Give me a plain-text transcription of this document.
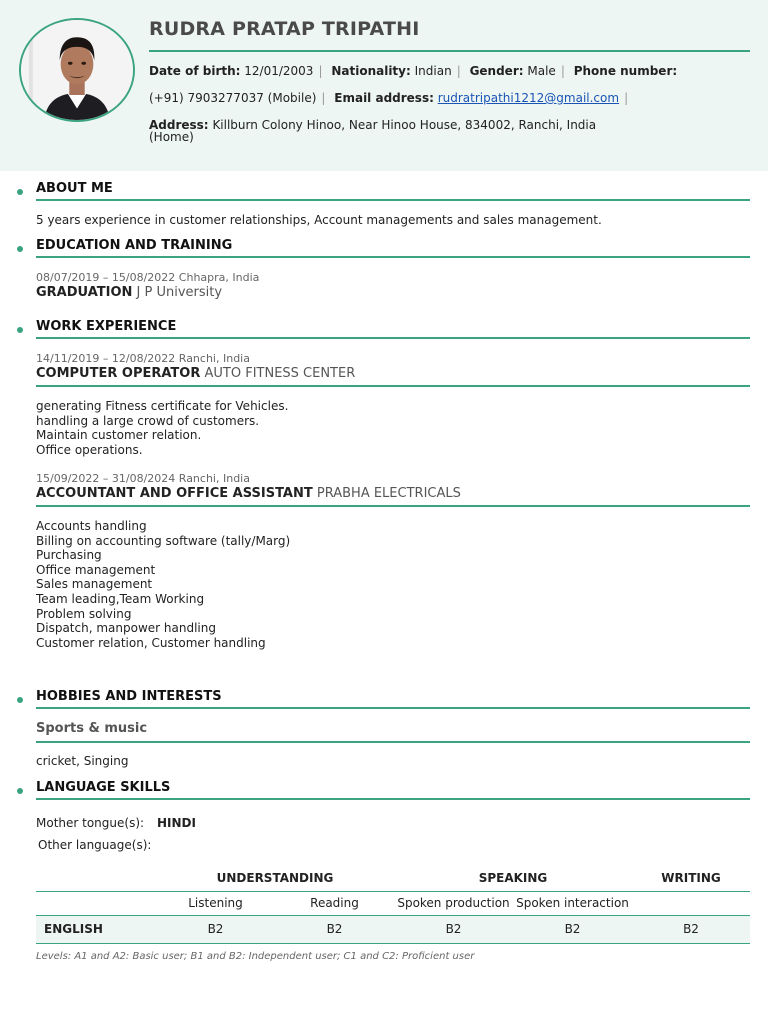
RUDRA PRATAP TRIPATHI
Date of birth: 12/01/2003 | Nationality: Indian | Gender: Male | Phone number:
(+91) 7903277037 (Mobile) | Email address: rudratripathi1212@gmail.com |
Address: Killburn Colony Hinoo, Near Hinoo House, 834002, Ranchi, India
(Home)
ABOUT ME
5 years experience in customer relationships, Account managements and sales management.
EDUCATION AND TRAINING
08/07/2019 – 15/08/2022 Chhapra, India
GRADUATION J P University
WORK EXPERIENCE
14/11/2019 – 12/08/2022 Ranchi, India
COMPUTER OPERATOR AUTO FITNESS CENTER
generating Fitness certificate for Vehicles.
handling a large crowd of customers.
Maintain customer relation.
Office operations.
15/09/2022 – 31/08/2024 Ranchi, India
ACCOUNTANT AND OFFICE ASSISTANT PRABHA ELECTRICALS
Accounts handling
Billing on accounting software (tally/Marg)
Purchasing
Office management
Sales management
Team leading,Team Working
Problem solving
Dispatch, manpower handling
Customer relation, Customer handling
HOBBIES AND INTERESTS
Sports & music
cricket, Singing
LANGUAGE SKILLS
Mother tongue(s): HINDI
Other language(s):
	UNDERSTANDING		SPEAKING		WRITING
	Listening	Reading	Spoken production	Spoken interaction	
ENGLISH	B2	B2	B2	B2	B2
Levels: A1 and A2: Basic user; B1 and B2: Independent user; C1 and C2: Proficient user
